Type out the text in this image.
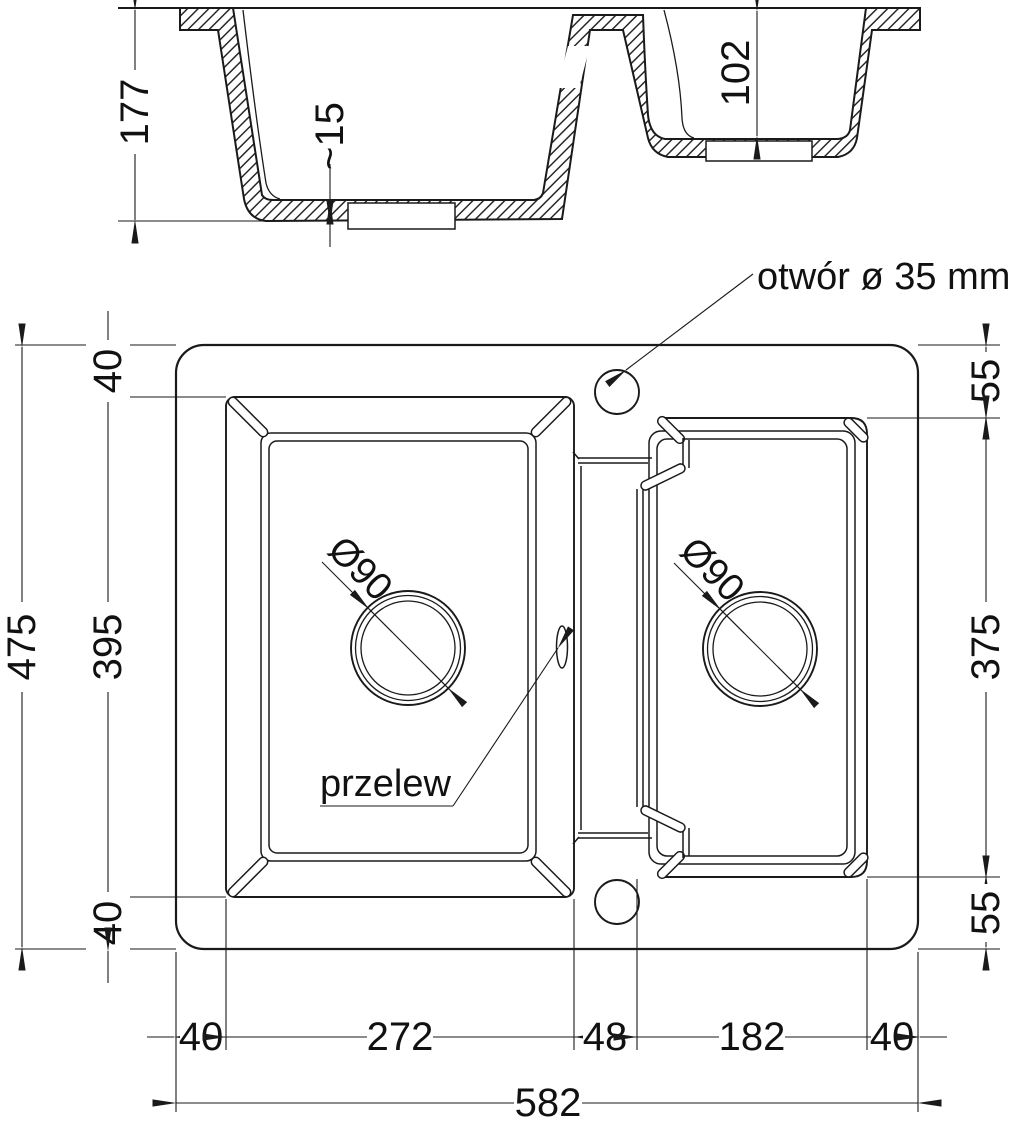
177	~15
102
Ø90	Ø90
przelew
otwór ø 35 mm
475 395
40
40
55
375
55
40	272	48 182 40
582
